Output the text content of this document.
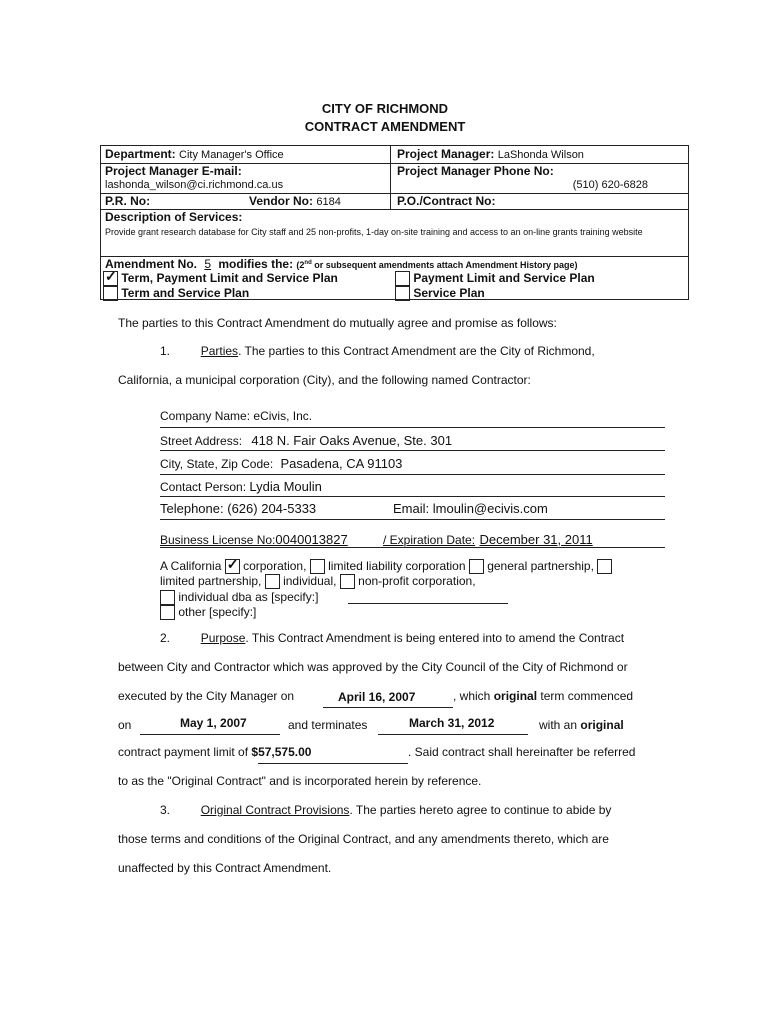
CITY OF RICHMOND
CONTRACT AMENDMENT
Department: City Manager's Office	Project Manager: LaShonda Wilson
Project Manager E-mail:
lashonda_wilson@ci.richmond.ca.us
Project Manager Phone No:
(510) 620-6828
P.R. No:	Vendor No: 6184	P.O./Contract No:
Description of Services:
Provide grant research database for City staff and 25 non-profits, 1-day on-site training and access to an on-line grants training website
Amendment No. 5 modifies the: (2nd or subsequent amendments attach Amendment History page)
✓ Term, Payment Limit and Service Plan	Payment Limit and Service Plan
Term and Service Plan	Service Plan
The parties to this Contract Amendment do mutually agree and promise as follows:
1.	Parties. The parties to this Contract Amendment are the City of Richmond,
California, a municipal corporation (City), and the following named Contractor:
Company Name: eCivis, Inc.
Street Address: 418 N. Fair Oaks Avenue, Ste. 301
City, State, Zip Code: Pasadena, CA 91103
Contact Person: Lydia Moulin
Telephone: (626) 204-5333	Email: lmoulin@ecivis.com
Business License No:0040013827	/ Expiration Date: December 31, 2011
A California ✓ corporation, limited liability corporation general partnership,
limited partnership, individual, non-profit corporation,
individual dba as [specify:]
other [specify:]
2.	Purpose. This Contract Amendment is being entered into to amend the Contract
between City and Contractor which was approved by the City Council of the City of Richmond or
executed by the City Manager on	April 16, 2007	, which original term commenced
on	May 1, 2007	and terminates	March 31, 2012	with an original
contract payment limit of $57,575.00	. Said contract shall hereinafter be referred
to as the "Original Contract" and is incorporated herein by reference.
3.	Original Contract Provisions. The parties hereto agree to continue to abide by
those terms and conditions of the Original Contract, and any amendments thereto, which are
unaffected by this Contract Amendment.
